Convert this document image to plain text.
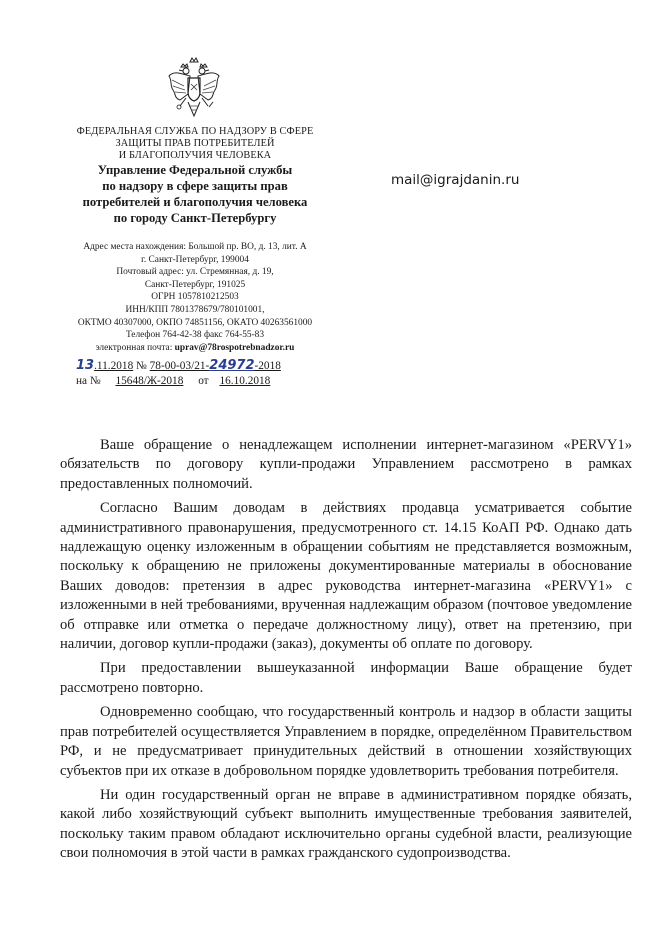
ФЕДЕРАЛЬНАЯ СЛУЖБА ПО НАДЗОРУ В СФЕРЕ
ЗАЩИТЫ ПРАВ ПОТРЕБИТЕЛЕЙ
И БЛАГОПОЛУЧИЯ ЧЕЛОВЕКА
Управление Федеральной службы
по надзору в сфере защиты прав
потребителей и благополучия человека
по городу Санкт-Петербургу
Адрес места нахождения: Большой пр. ВО, д. 13, лит. А
г. Санкт-Петербург, 199004
Почтовый адрес: ул. Стремянная, д. 19,
Санкт-Петербург, 191025
ОГРН 1057810212503
ИНН/КПП 7801378679/780101001,
ОКТМО 40307000, ОКПО 74851156, ОКАТО 40263561000
Телефон 764-42-38 факс 764-55-83
электронная почта: uprav@78rospotrebnadzor.ru
mail@igrajdanin.ru
13.11.2018 № 78-00-03/21-24972-2018
на № 15648/Ж-2018 от 16.10.2018

Ваше обращение о ненадлежащем исполнении интернет-магазином «PERVY1» обязательств по договору купли-продажи Управлением рассмотрено в рамках предоставленных полномочий.

Согласно Вашим доводам в действиях продавца усматривается событие административного правонарушения, предусмотренного ст. 14.15 КоАП РФ. Однако дать надлежащую оценку изложенным в обращении событиям не представляется возможным, поскольку к обращению не приложены документированные материалы в обоснование Ваших доводов: претензия в адрес руководства интернет-магазина «PERVY1» с изложенными в ней требованиями, врученная надлежащим образом (почтовое уведомление об отправке или отметка о передаче должностному лицу), ответ на претензию, при наличии, договор купли-продажи (заказ), документы об оплате по договору.

При предоставлении вышеуказанной информации Ваше обращение будет рассмотрено повторно.

Одновременно сообщаю, что государственный контроль и надзор в области защиты прав потребителей осуществляется Управлением в порядке, определённом Правительством РФ, и не предусматривает принудительных действий в отношении хозяйствующих субъектов при их отказе в добровольном порядке удовлетворить требования потребителя.

Ни один государственный орган не вправе в административном порядке обязать, какой либо хозяйствующий субъект выполнить имущественные требования заявителей, поскольку таким правом обладают исключительно органы судебной власти, реализующие свои полномочия в этой части в рамках гражданского судопроизводства.
